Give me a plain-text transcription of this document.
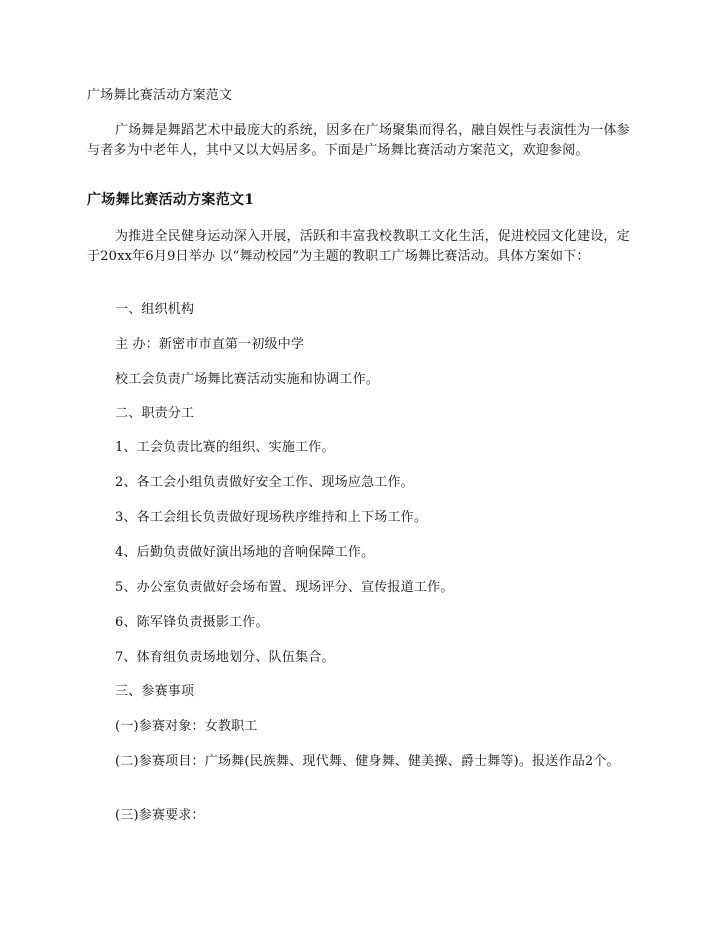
广场舞比赛活动方案范文
广场舞是舞蹈艺术中最庞大的系统，因多在广场聚集而得名，融自娱性与表演性为一体参与者多为中老年人，其中又以大妈居多。下面是广场舞比赛活动方案范文，欢迎参阅。
广场舞比赛活动方案范文1
为推进全民健身运动深入开展，活跃和丰富我校教职工文化生活，促进校园文化建设，定于20xx年6月9日举办 以“舞动校园”为主题的教职工广场舞比赛活动。具体方案如下：
一、组织机构
主 办：新密市市直第一初级中学
校工会负责广场舞比赛活动实施和协调工作。
二、职责分工
1、工会负责比赛的组织、实施工作。
2、各工会小组负责做好安全工作、现场应急工作。
3、各工会组长负责做好现场秩序维持和上下场工作。
4、后勤负责做好演出场地的音响保障工作。
5、办公室负责做好会场布置、现场评分、宣传报道工作。
6、陈军锋负责摄影工作。
7、体育组负责场地划分、队伍集合。
三、参赛事项
(一)参赛对象：女教职工
(二)参赛项目：广场舞(民族舞、现代舞、健身舞、健美操、爵士舞等)。报送作品2个。
(三)参赛要求：
